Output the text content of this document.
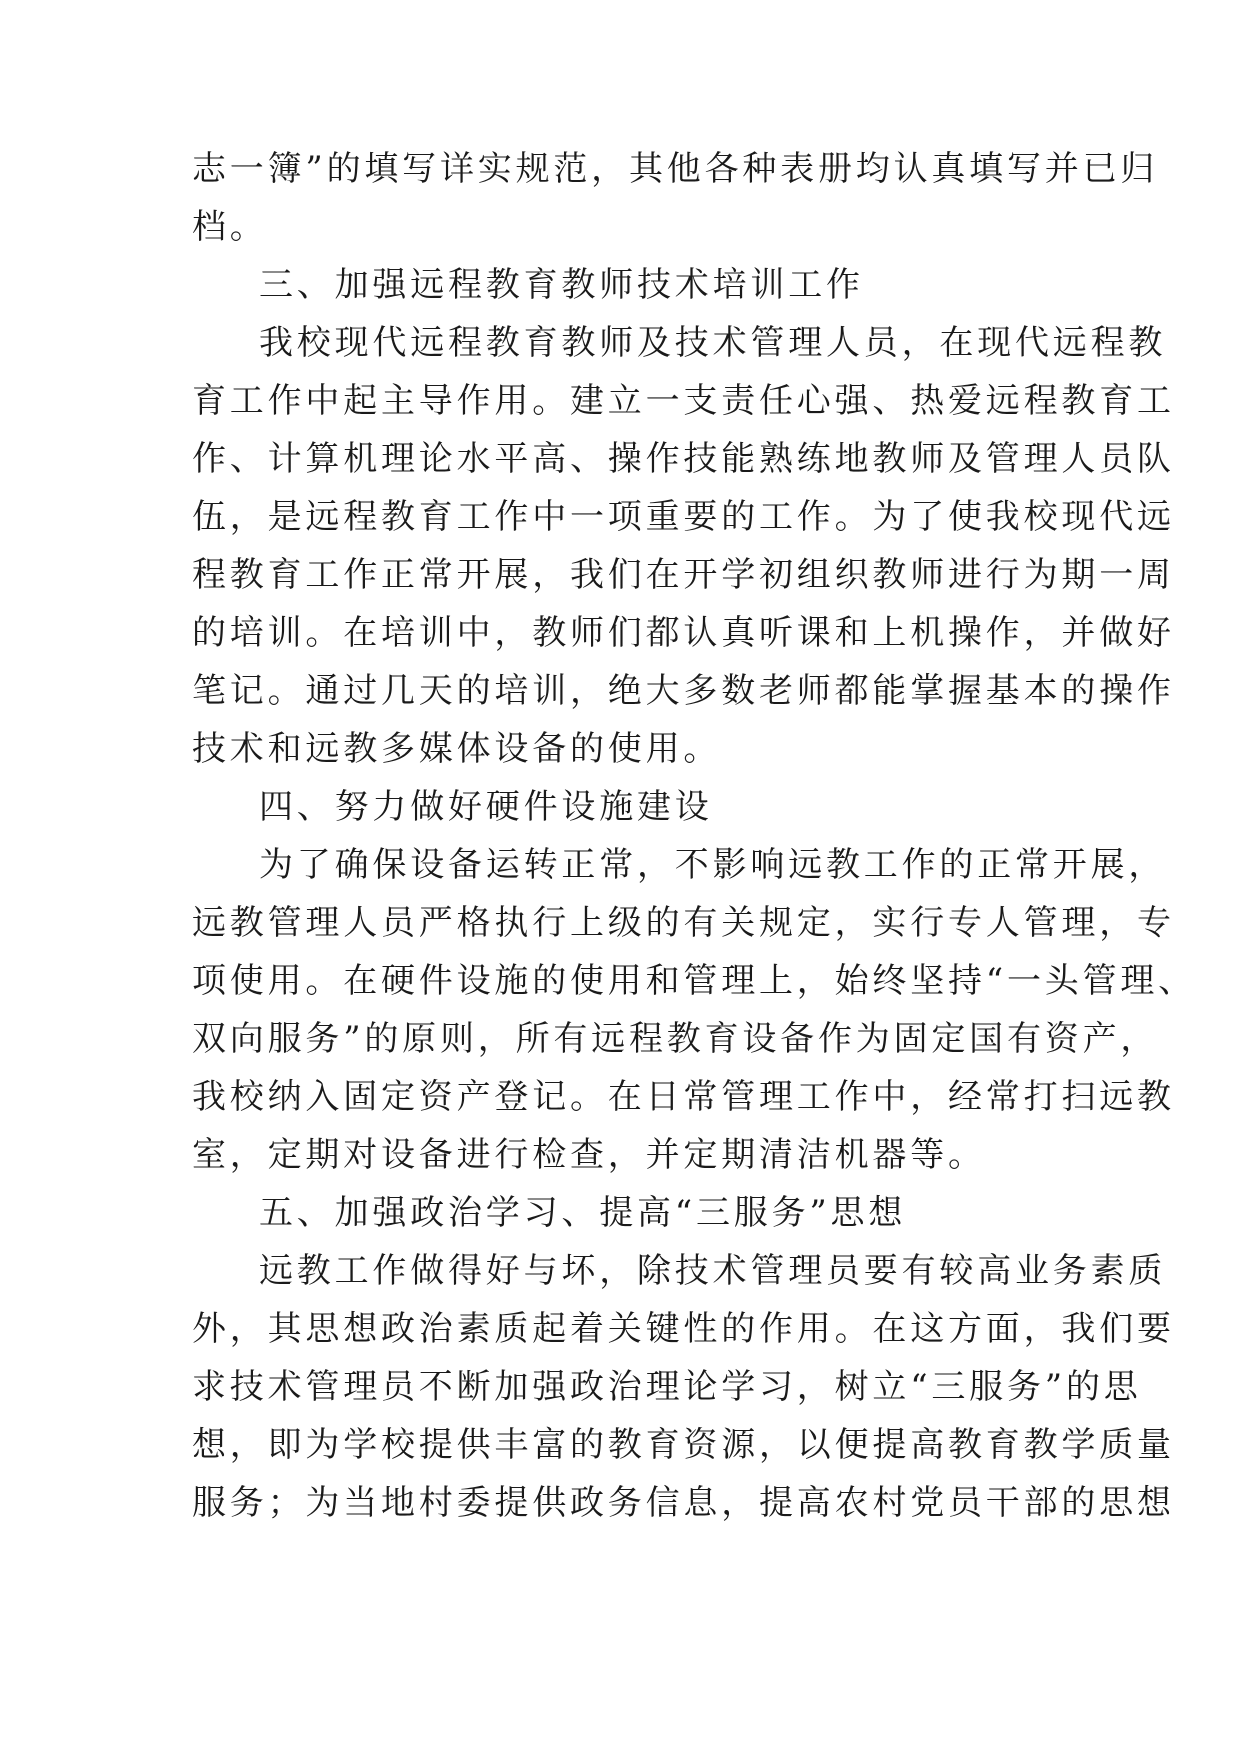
志一簿”的填写详实规范，其他各种表册均认真填写并已归
档。
三、加强远程教育教师技术培训工作
我校现代远程教育教师及技术管理人员，在现代远程教
育工作中起主导作用。建立一支责任心强、热爱远程教育工
作、计算机理论水平高、操作技能熟练地教师及管理人员队
伍，是远程教育工作中一项重要的工作。为了使我校现代远
程教育工作正常开展，我们在开学初组织教师进行为期一周
的培训。在培训中，教师们都认真听课和上机操作，并做好
笔记。通过几天的培训，绝大多数老师都能掌握基本的操作
技术和远教多媒体设备的使用。
四、努力做好硬件设施建设
为了确保设备运转正常，不影响远教工作的正常开展，
远教管理人员严格执行上级的有关规定，实行专人管理，专
项使用。在硬件设施的使用和管理上，始终坚持“一头管理、
双向服务”的原则，所有远程教育设备作为固定国有资产，
我校纳入固定资产登记。在日常管理工作中，经常打扫远教
室，定期对设备进行检查，并定期清洁机器等。
五、加强政治学习、提高“三服务”思想
远教工作做得好与坏，除技术管理员要有较高业务素质
外，其思想政治素质起着关键性的作用。在这方面，我们要
求技术管理员不断加强政治理论学习，树立“三服务”的思
想，即为学校提供丰富的教育资源，以便提高教育教学质量
服务；为当地村委提供政务信息，提高农村党员干部的思想
